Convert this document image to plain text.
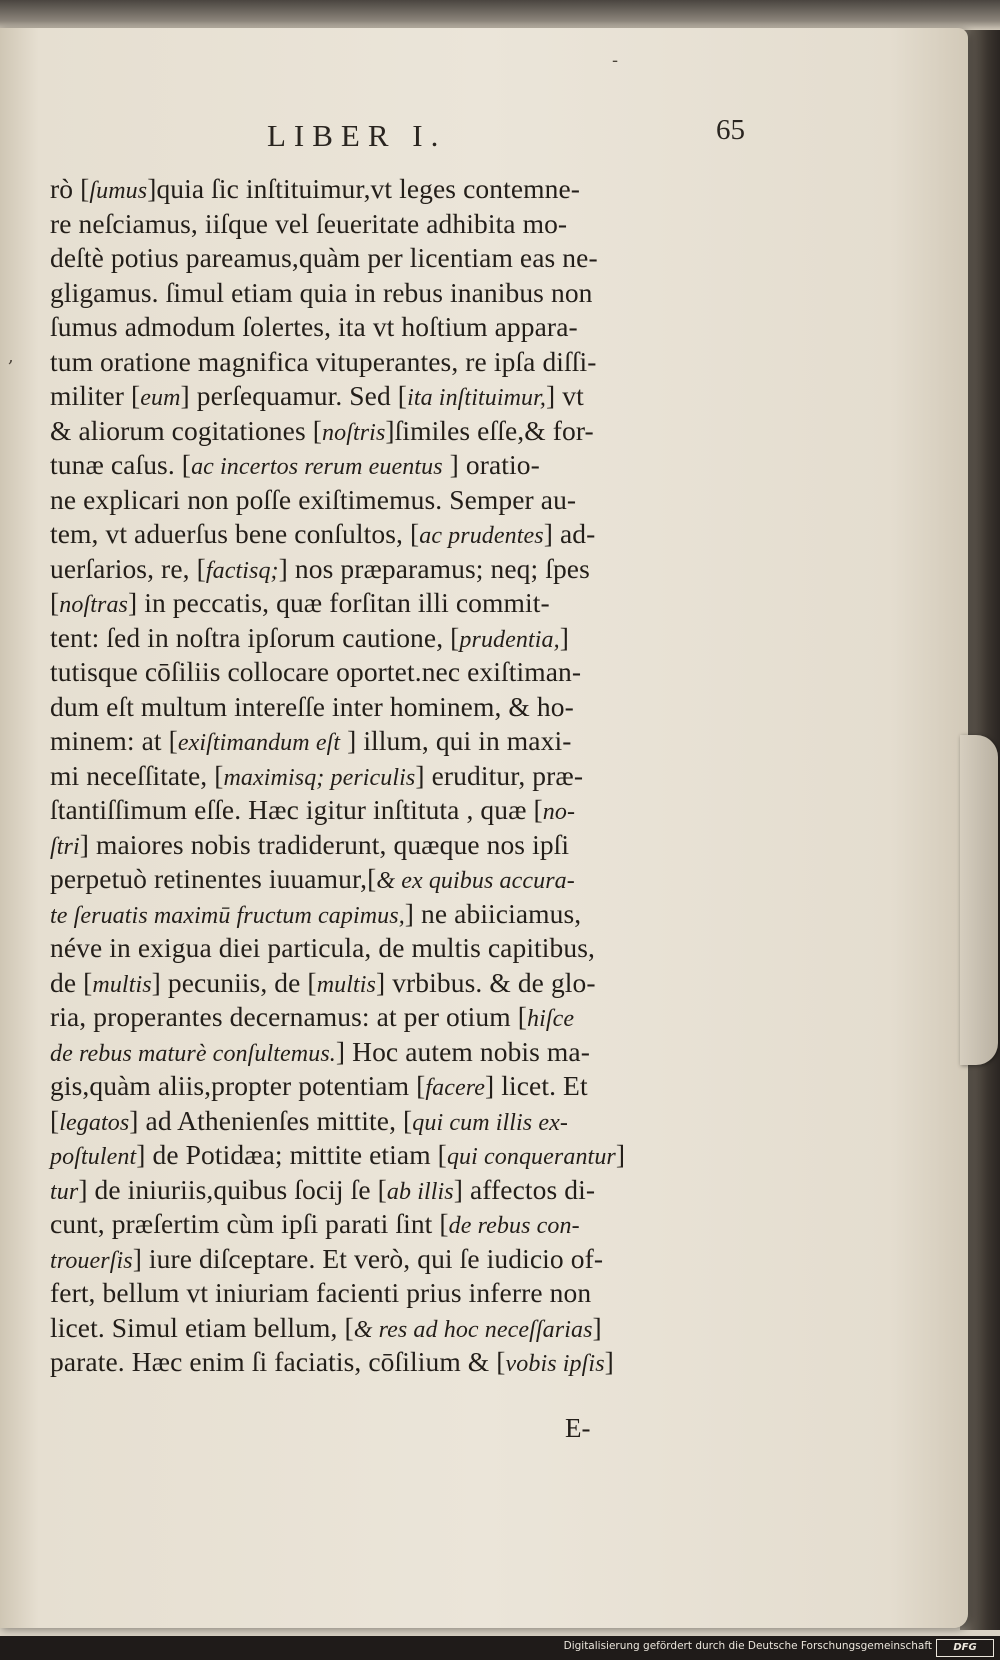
,
-
LIBER I.	65
rò [ſumus]quia ſic inſtituimur,vt leges contemne-
re neſciamus, iiſque vel ſeueritate adhibita mo-
deſtè potius pareamus,quàm per licentiam eas ne-
gligamus. ſimul etiam quia in rebus inanibus non
ſumus admodum ſolertes, ita vt hoſtium appara-
tum oratione magnifica vituperantes, re ipſa diſſi-
militer [eum] perſequamur. Sed [ita inſtituimur,] vt
& aliorum cogitationes [noſtris]ſimiles eſſe,& for-
tunæ caſus. [ac incertos rerum euentus ] oratio-
ne explicari non poſſe exiſtimemus. Semper au-
tem, vt aduerſus bene conſultos, [ac prudentes] ad-
uerſarios, re, [factisq;] nos præparamus; neq; ſpes
[noſtras] in peccatis, quæ forſitan illi commit-
tent: ſed in noſtra ipſorum cautione, [prudentia,]
tutisque cōſiliis collocare oportet.nec exiſtiman-
dum eſt multum intereſſe inter hominem, & ho-
minem: at [exiſtimandum eſt ] illum, qui in maxi-
mi neceſſitate, [maximisq; periculis] eruditur, præ-
ſtantiſſimum eſſe. Hæc igitur inſtituta , quæ [no-
ſtri] maiores nobis tradiderunt, quæque nos ipſi
perpetuò retinentes iuuamur,[& ex quibus accura-
te ſeruatis maximū fructum capimus,] ne abiiciamus,
néve in exigua diei particula, de multis capitibus,
de [multis] pecuniis, de [multis] vrbibus. & de glo-
ria, properantes decernamus: at per otium [hiſce
de rebus maturè conſultemus.] Hoc autem nobis ma-
gis,quàm aliis,propter potentiam [facere] licet. Et
[legatos] ad Athenienſes mittite, [qui cum illis ex-
poſtulent] de Potidæa; mittite etiam [qui conquerantur]
tur] de iniuriis,quibus ſocij ſe [ab illis] affectos di-
cunt, præſertim cùm ipſi parati ſint [de rebus con-
trouerſis] iure diſceptare. Et verò, qui ſe iudicio of-
fert, bellum vt iniuriam facienti prius inferre non
licet. Simul etiam bellum, [& res ad hoc neceſſarias]
parate. Hæc enim ſi faciatis, cōſilium & [vobis ipſis]
E-
Digitalisierung gefördert durch die Deutsche Forschungsgemeinschaft	DFG
